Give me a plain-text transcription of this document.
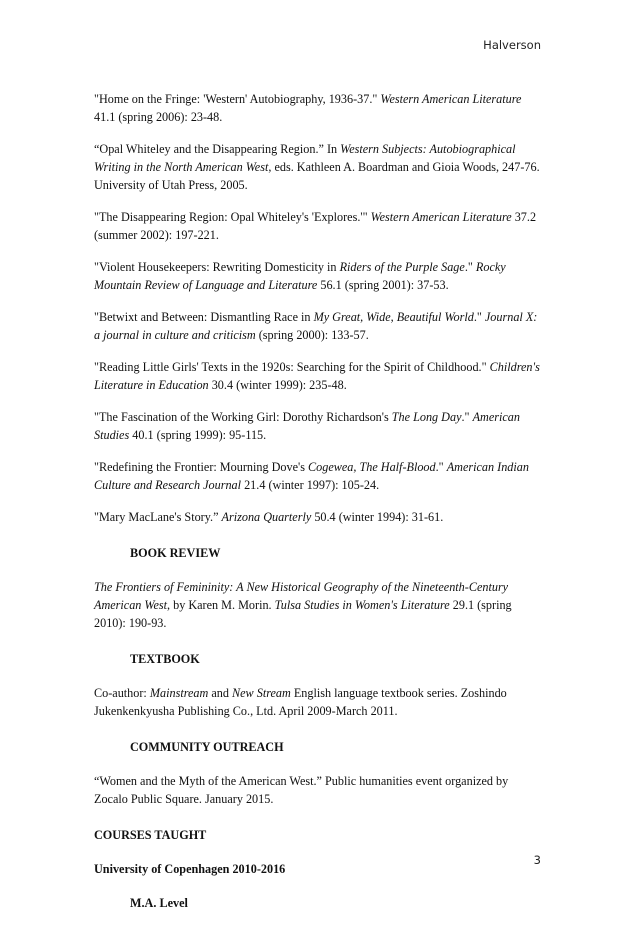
Halverson

"Home on the Fringe: 'Western' Autobiography, 1936-37." Western American Literature 41.1 (spring 2006): 23-48.

“Opal Whiteley and the Disappearing Region.” In Western Subjects: Autobiographical Writing in the North American West, eds. Kathleen A. Boardman and Gioia Woods, 247-76. University of Utah Press, 2005.

"The Disappearing Region: Opal Whiteley's 'Explores.'" Western American Literature 37.2 (summer 2002): 197-221.

"Violent Housekeepers: Rewriting Domesticity in Riders of the Purple Sage." Rocky Mountain Review of Language and Literature 56.1 (spring 2001): 37-53.

"Betwixt and Between: Dismantling Race in My Great, Wide, Beautiful World." Journal X: a journal in culture and criticism (spring 2000): 133-57.

"Reading Little Girls' Texts in the 1920s: Searching for the Spirit of Childhood." Children's Literature in Education 30.4 (winter 1999): 235-48.

"The Fascination of the Working Girl: Dorothy Richardson's The Long Day." American Studies 40.1 (spring 1999): 95-115.

"Redefining the Frontier: Mourning Dove's Cogewea, The Half-Blood." American Indian Culture and Research Journal 21.4 (winter 1997): 105-24.

"Mary MacLane's Story.” Arizona Quarterly 50.4 (winter 1994): 31-61.

BOOK REVIEW

The Frontiers of Femininity: A New Historical Geography of the Nineteenth-Century American West, by Karen M. Morin. Tulsa Studies in Women's Literature 29.1 (spring 2010): 190-93.

TEXTBOOK

Co-author: Mainstream and New Stream English language textbook series. Zoshindo Jukenkenkyusha Publishing Co., Ltd. April 2009-March 2011.

COMMUNITY OUTREACH

“Women and the Myth of the American West.” Public humanities event organized by Zocalo Public Square. January 2015.

COURSES TAUGHT

University of Copenhagen 2010-2016

M.A. Level

3
